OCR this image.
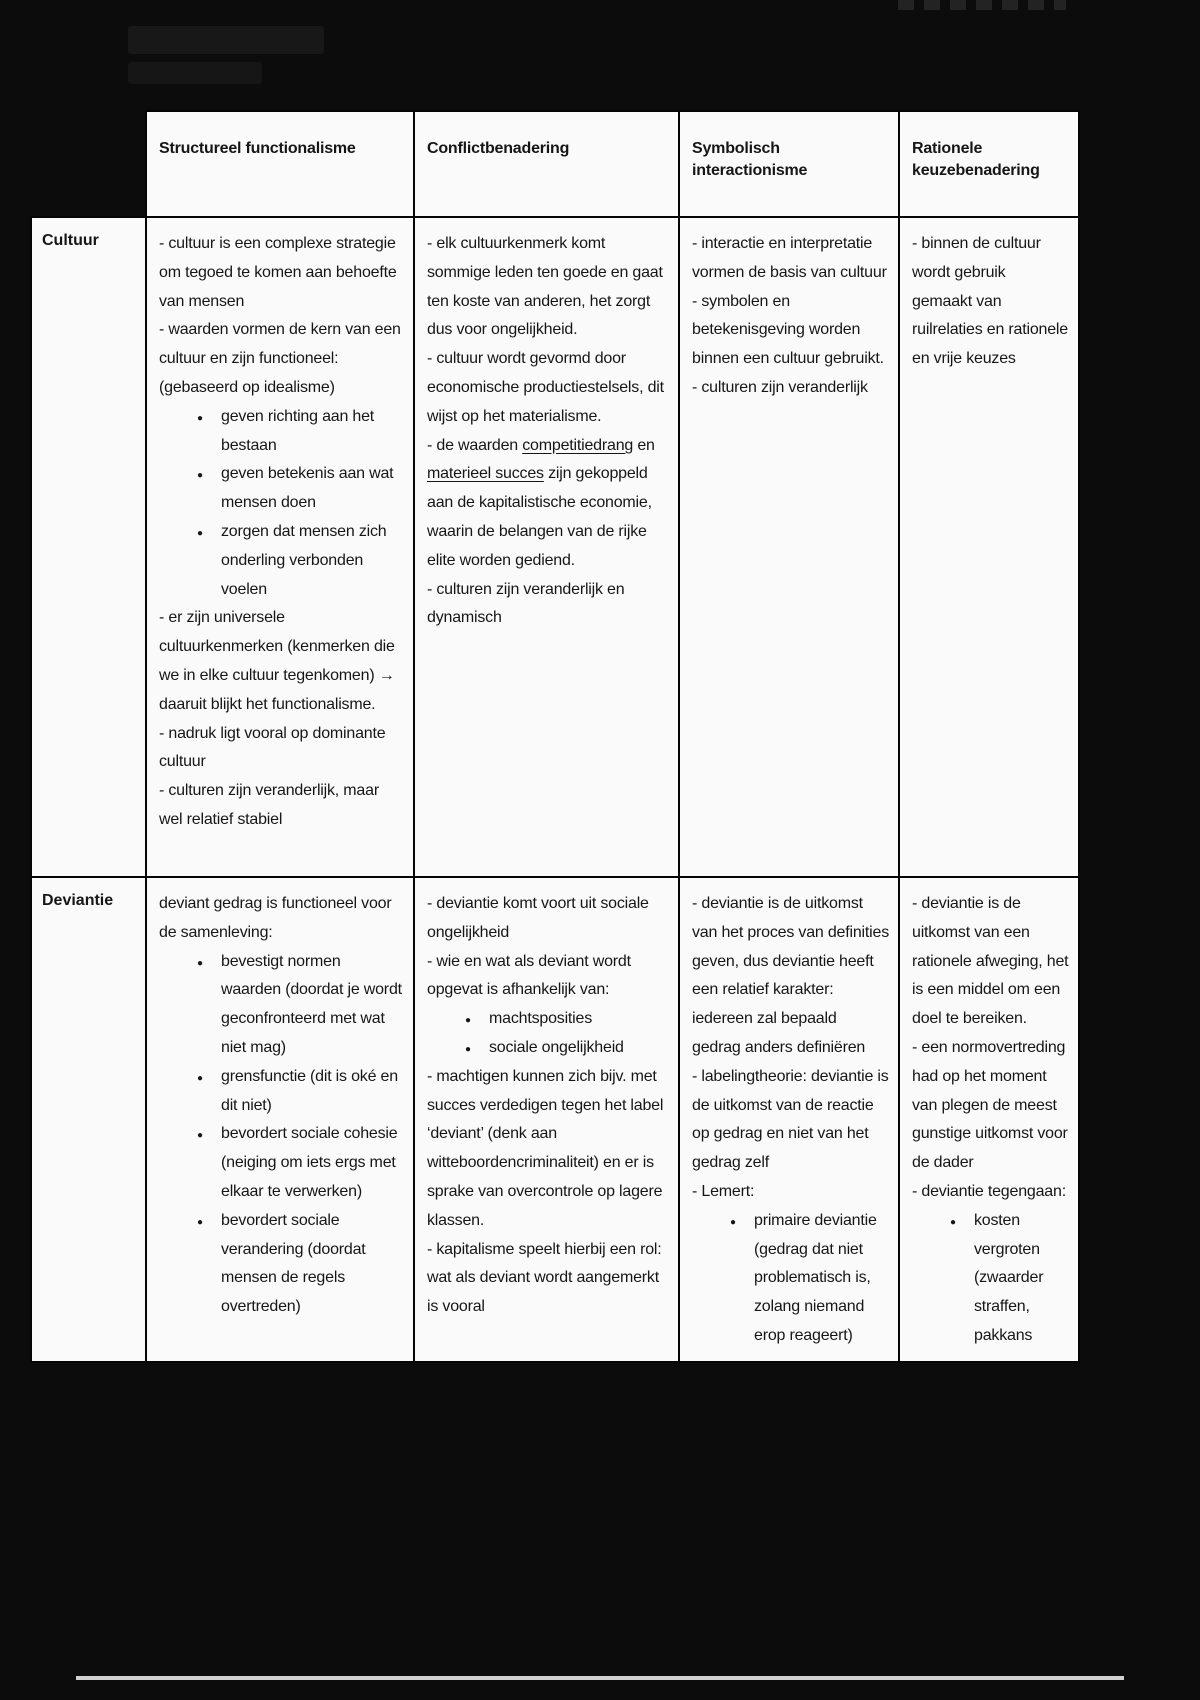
	Structureel functionalisme	Conflictbenadering	Symbolisch interactionisme	Rationele keuzebenadering
Cultuur	- cultuur is een complexe strategie om tegoed te komen aan behoefte van mensen
- waarden vormen de kern van een cultuur en zijn functioneel: (gebaseerd op idealisme)
●	geven richting aan het bestaan
●	geven betekenis aan wat mensen doen
●	zorgen dat mensen zich onderling verbonden voelen
- er zijn universele cultuurkenmerken (kenmerken die we in elke cultuur tegenkomen) → daaruit blijkt het functionalisme.
- nadruk ligt vooral op dominante cultuur
- culturen zijn veranderlijk, maar wel relatief stabiel

- elk cultuurkenmerk komt sommige leden ten goede en gaat ten koste van anderen, het zorgt dus voor ongelijkheid.
- cultuur wordt gevormd door economische productiestelsels, dit wijst op het materialisme.
- de waarden competitiedrang en materieel succes zijn gekoppeld aan de kapitalistische economie, waarin de belangen van de rijke elite worden gediend.
- culturen zijn veranderlijk en dynamisch

- interactie en interpretatie vormen de basis van cultuur
- symbolen en betekenisgeving worden binnen een cultuur gebruikt.
- culturen zijn veranderlijk

- binnen de cultuur wordt gebruik gemaakt van ruilrelaties en rationele en vrije keuzes

Deviantie	deviant gedrag is functioneel voor de samenleving:
●	bevestigt normen waarden (doordat je wordt geconfronteerd met wat niet mag)
●	grensfunctie (dit is oké en dit niet)
●	bevordert sociale cohesie (neiging om iets ergs met elkaar te verwerken)
●	bevordert sociale verandering (doordat mensen de regels overtreden)

- deviantie komt voort uit sociale ongelijkheid
- wie en wat als deviant wordt opgevat is afhankelijk van:
●	machtsposities
●	sociale ongelijkheid
- machtigen kunnen zich bijv. met succes verdedigen tegen het label ‘deviant’ (denk aan witteboordencriminaliteit) en er is sprake van overcontrole op lagere klassen.
- kapitalisme speelt hierbij een rol: wat als deviant wordt aangemerkt is vooral

- deviantie is de uitkomst van het proces van definities geven, dus deviantie heeft een relatief karakter: iedereen zal bepaald gedrag anders definiëren
- labelingtheorie: deviantie is de uitkomst van de reactie op gedrag en niet van het gedrag zelf
- Lemert:
●	primaire deviantie (gedrag dat niet problematisch is, zolang niemand erop reageert)

- deviantie is de uitkomst van een rationele afweging, het is een middel om een doel te bereiken.
- een normovertreding had op het moment van plegen de meest gunstige uitkomst voor de dader
- deviantie tegengaan:
●	kosten vergroten (zwaarder straffen, pakkans
